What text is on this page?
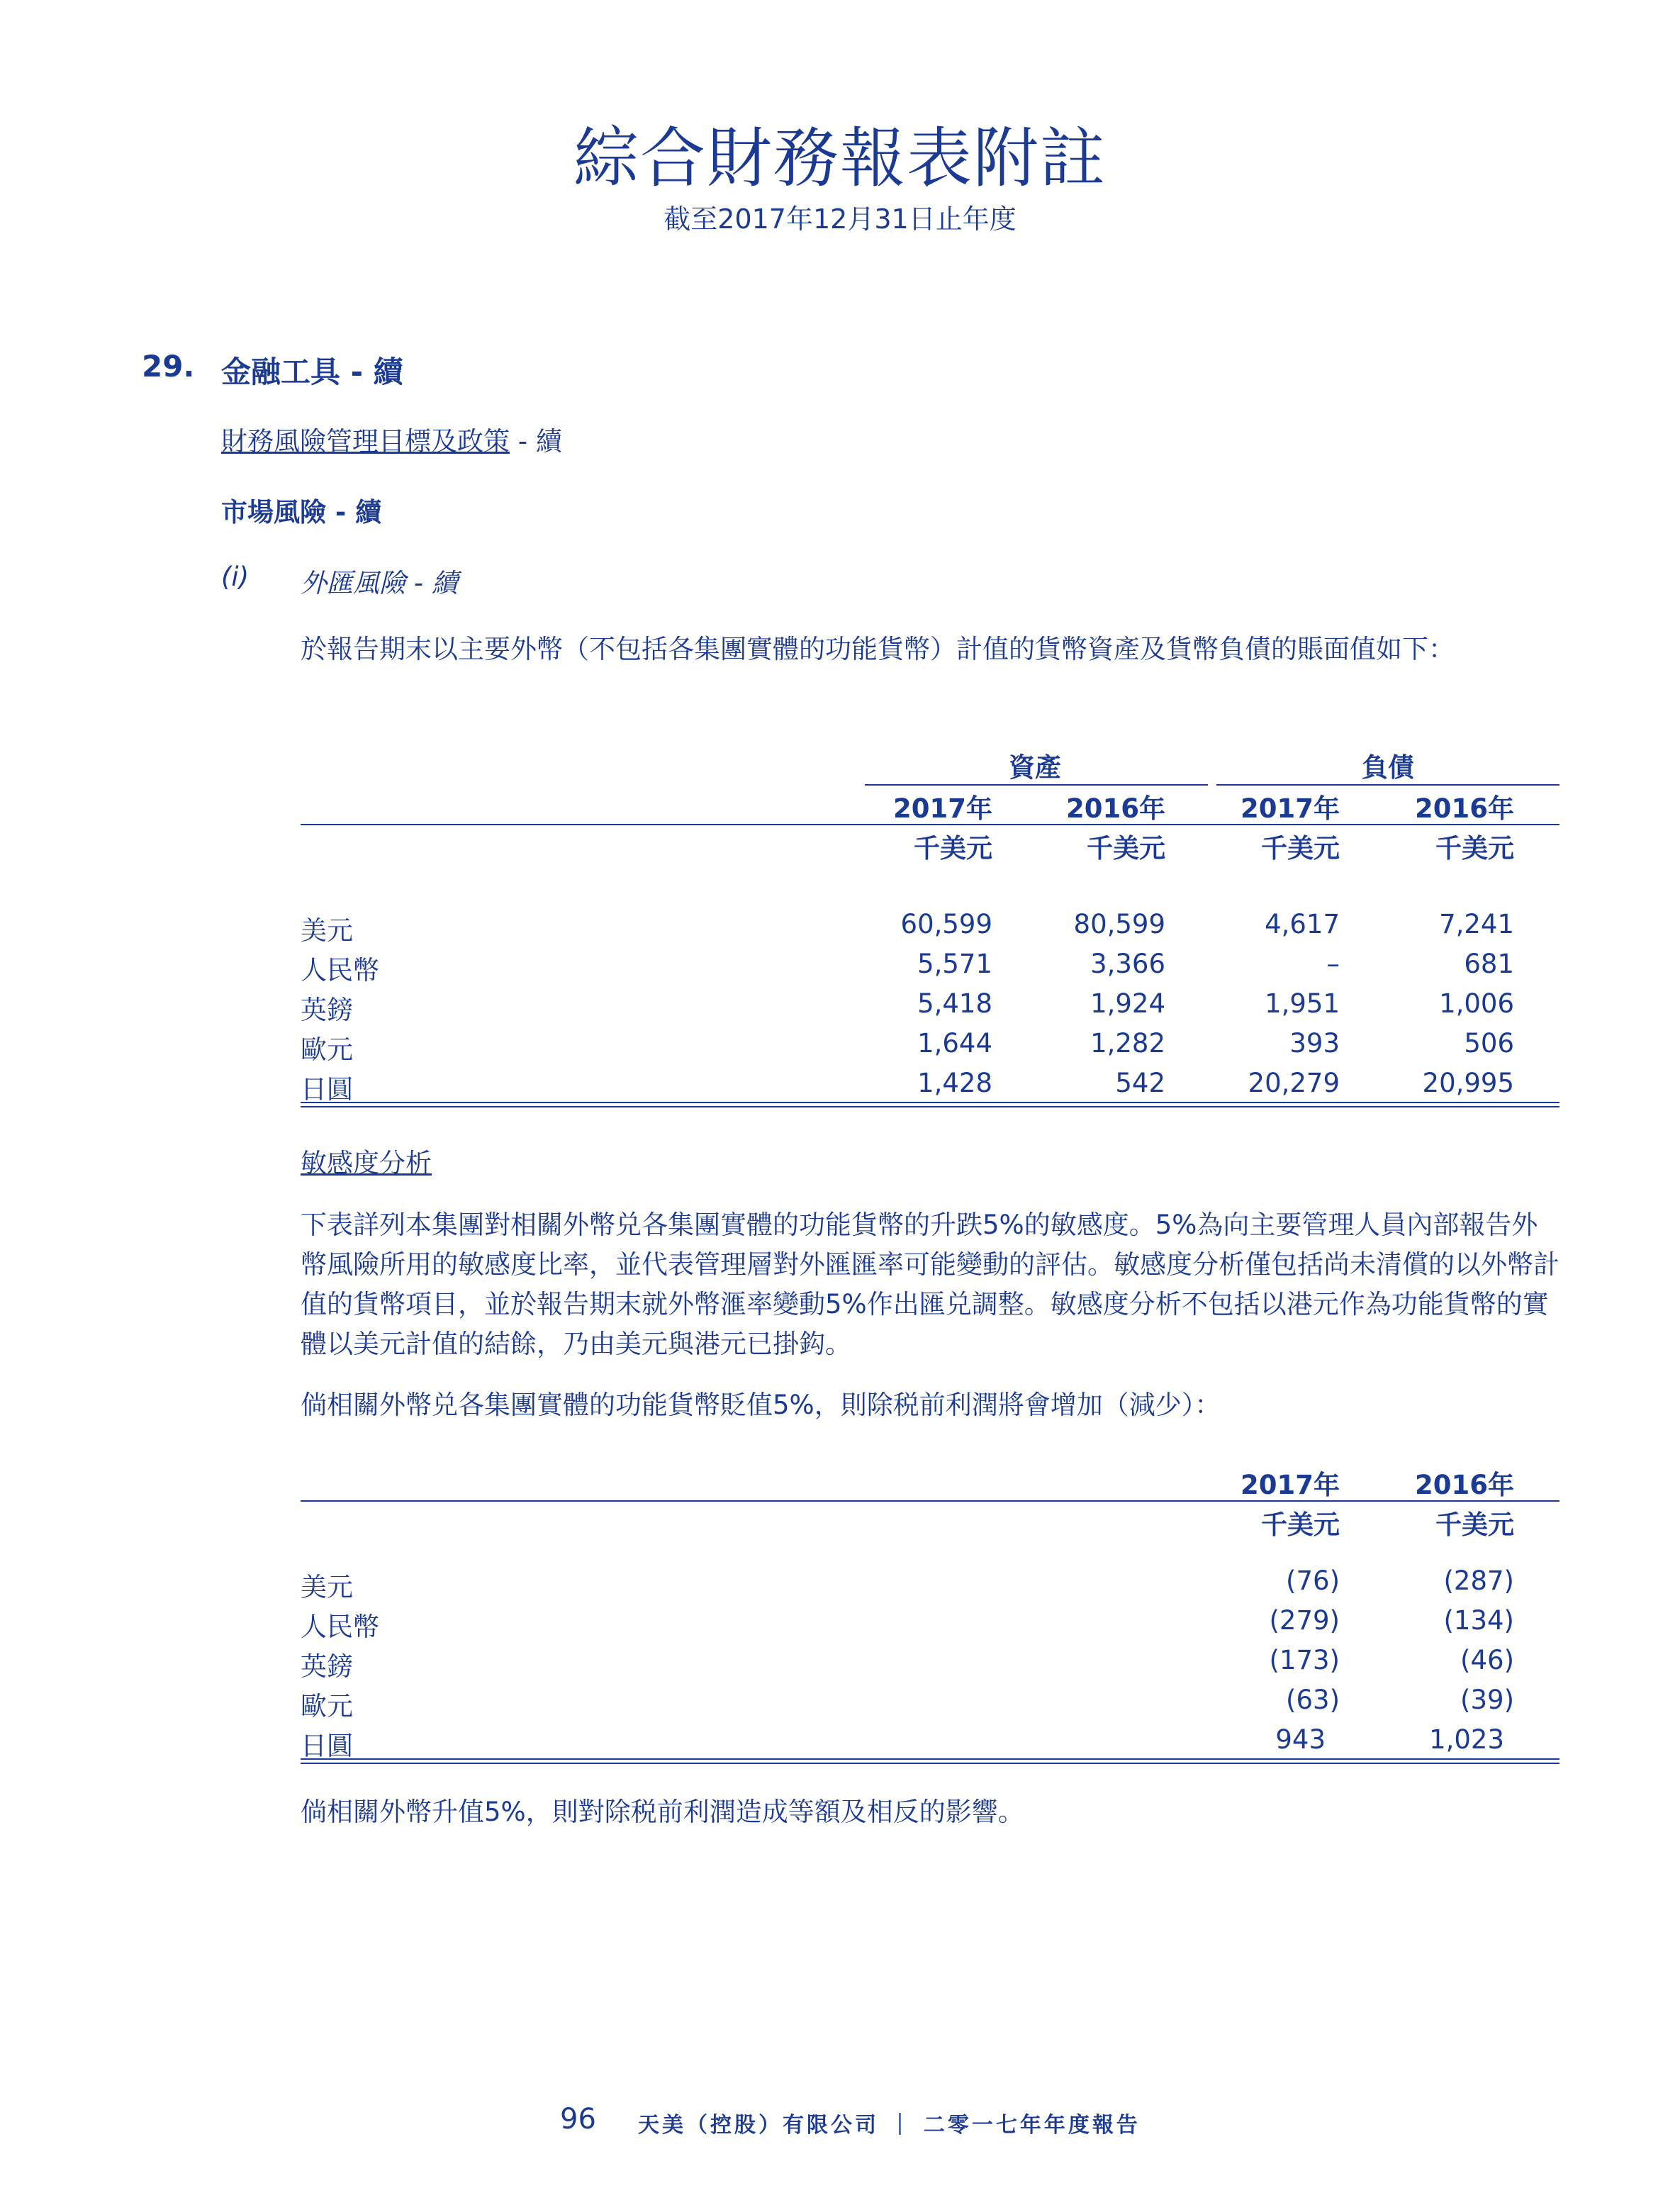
綜合財務報表附註
截至2017年12月31日止年度
29. 金融工具 - 續
財務風險管理目標及政策 - 續
市場風險 - 續
(i) 外匯風險 - 續
於報告期末以主要外幣（不包括各集團實體的功能貨幣）計值的貨幣資產及貨幣負債的賬面值如下：
資產	負債
2017年	2016年	2017年	2016年
千美元	千美元	千美元	千美元
美元	60,599	80,599	4,617	7,241
人民幣	5,571	3,366	–	681
英鎊	5,418	1,924	1,951	1,006
歐元	1,644	1,282	393	506
日圓	1,428	542	20,279	20,995
敏感度分析
下表詳列本集團對相關外幣兑各集團實體的功能貨幣的升跌5%的敏感度。5%為向主要管理人員內部報告外幣風險所用的敏感度比率，並代表管理層對外匯匯率可能變動的評估。敏感度分析僅包括尚未清償的以外幣計值的貨幣項目，並於報告期末就外幣滙率變動5%作出匯兑調整。敏感度分析不包括以港元作為功能貨幣的實體以美元計值的結餘，乃由美元與港元已掛鈎。
倘相關外幣兑各集團實體的功能貨幣貶值5%，則除税前利潤將會增加（減少）：
2017年	2016年
千美元	千美元
美元	(76)	(287)
人民幣	(279)	(134)
英鎊	(173)	(46)
歐元	(63)	(39)
日圓	943	1,023
倘相關外幣升值5%，則對除税前利潤造成等額及相反的影響。
96 天美（控股）有限公司 ｜ 二零一七年年度報告
